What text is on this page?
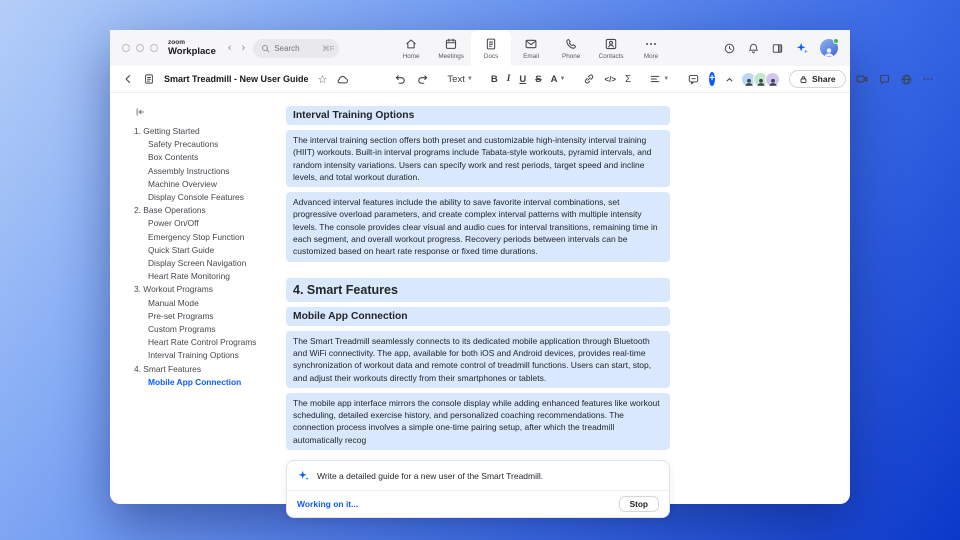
zoom
Workplace ‹ ›
Search	⌘F
Home	Meetings	Docs	Email	Phone	Contacts	More
Smart Treadmill - New User Guide ☆	Text ▼ B I U S A ▼	</> Σ	▼	+	Share
1. Getting Started
Safety Precautions
Box Contents
Assembly Instructions
Machine Overview
Display Console Features
2. Base Operations
Power On/Off
Emergency Stop Function
Quick Start Guide
Display Screen Navigation
Heart Rate Monitoring
3. Workout Programs
Manual Mode
Pre-set Programs
Custom Programs
Heart Rate Control Programs
Interval Training Options
4. Smart Features
Mobile App Connection
Interval Training Options
The interval training section offers both preset and customizable high-intensity interval training (HIIT) workouts. Built-in interval programs include Tabata-style workouts, pyramid intervals, and random intensity variations. Users can specify work and rest periods, target speed and incline levels, and total workout duration.
Advanced interval features include the ability to save favorite interval combinations, set progressive overload parameters, and create complex interval patterns with multiple intensity levels. The console provides clear visual and audio cues for interval transitions, remaining time in each segment, and overall workout progress. Recovery periods between intervals can be customized based on heart rate response or fixed time durations.
4. Smart Features
Mobile App Connection
The Smart Treadmill seamlessly connects to its dedicated mobile application through Bluetooth and WiFi connectivity. The app, available for both iOS and Android devices, provides real-time synchronization of workout data and remote control of treadmill functions. Users can start, stop, and adjust their workouts directly from their smartphones or tablets.
The mobile app interface mirrors the console display while adding enhanced features like workout scheduling, detailed exercise history, and personalized coaching recommendations. The connection process involves a simple one-time pairing setup, after which the treadmill automatically recog
Write a detailed guide for a new user of the Smart Treadmill.
Working on it...	Stop
